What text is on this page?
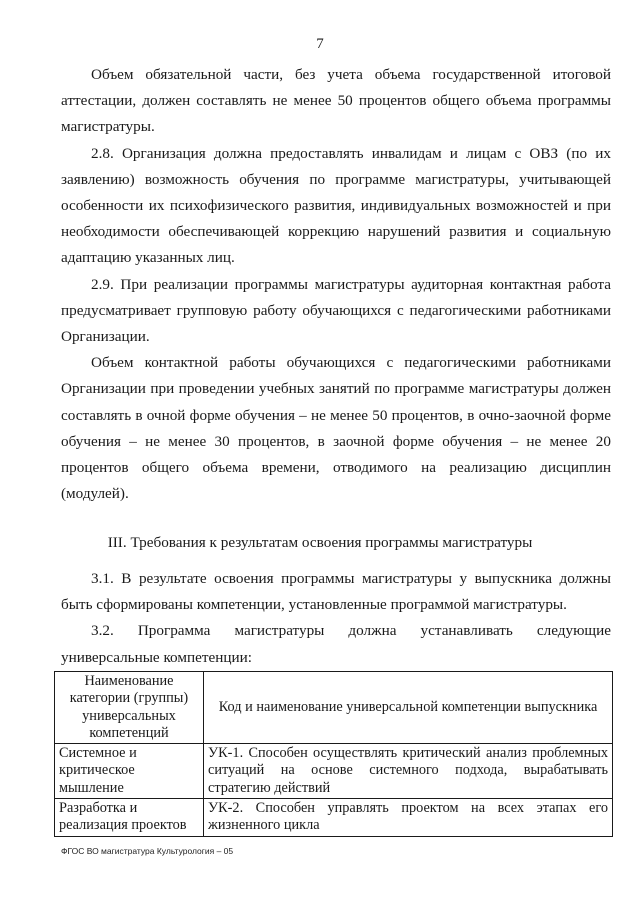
7

Объем обязательной части, без учета объема государственной итоговой аттестации, должен составлять не менее 50 процентов общего объема программы магистратуры.

2.8. Организация должна предоставлять инвалидам и лицам с ОВЗ (по их заявлению) возможность обучения по программе магистратуры, учитывающей особенности их психофизического развития, индивидуальных возможностей и при необходимости обеспечивающей коррекцию нарушений развития и социальную адаптацию указанных лиц.

2.9. При реализации программы магистратуры аудиторная контактная работа предусматривает групповую работу обучающихся с педагогическими работниками Организации.

Объем контактной работы обучающихся с педагогическими работниками Организации при проведении учебных занятий по программе магистратуры должен составлять в очной форме обучения – не менее 50 процентов, в очно-заочной форме обучения – не менее 30 процентов, в заочной форме обучения – не менее 20 процентов общего объема времени, отводимого на реализацию дисциплин (модулей).

III. Требования к результатам освоения программы магистратуры

3.1. В результате освоения программы магистратуры у выпускника должны быть сформированы компетенции, установленные программой магистратуры.

3.2. Программа магистратуры должна устанавливать следующие универсальные компетенции:

Наименование категории (группы) универсальных компетенций	Код и наименование универсальной компетенции выпускника
Системное и критическое мышление	УК-1. Способен осуществлять критический анализ проблемных ситуаций на основе системного подхода, вырабатывать стратегию действий
Разработка и реализация проектов	УК-2. Способен управлять проектом на всех этапах его жизненного цикла
ФГОС ВО магистратура Культурология – 05
